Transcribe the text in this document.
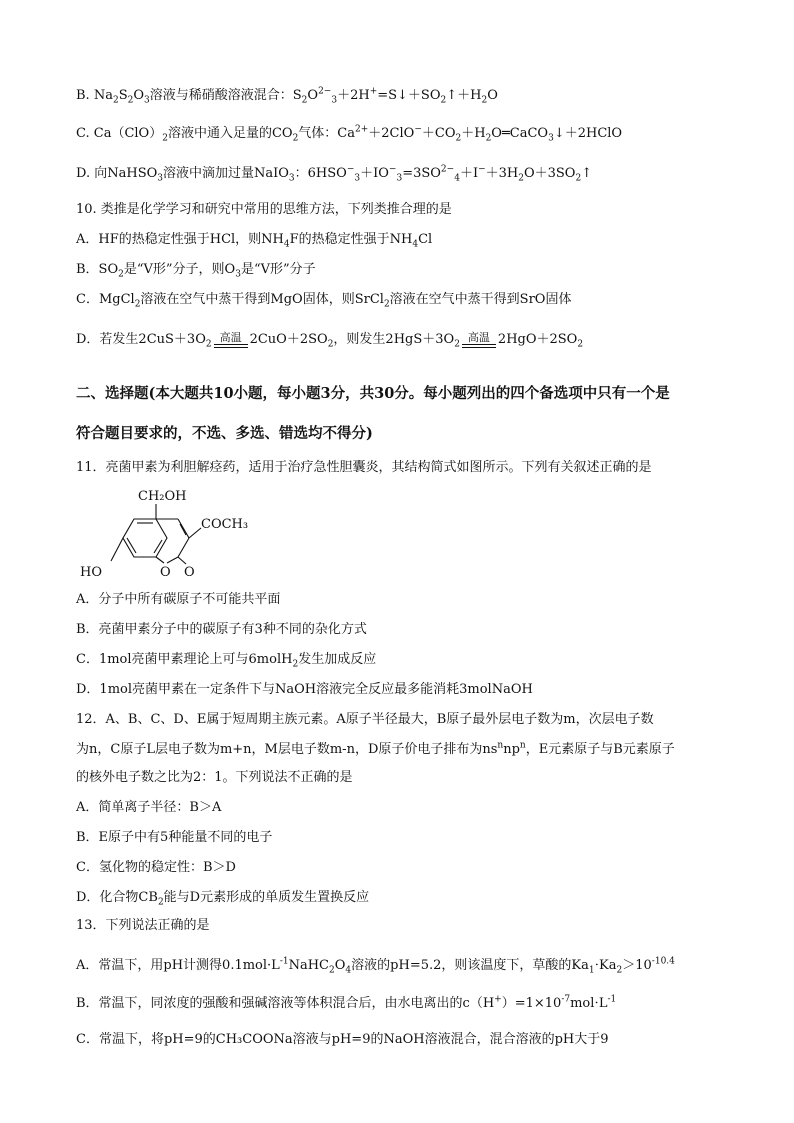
B. $Na_2S_2O_3$溶液与稀硝酸溶液混合：$S_2O^{2-}_3+2H^+=S↓+SO_2↑+H_2O$
C. $Ca(ClO)_2$溶液中通入足量的$CO_2$气体：$Ca^{2+}+2ClO^-+CO_2+H_2O═CaCO_3↓+2HClO$
D. 向NaHSO$_3$溶液中滴加过量NaIO$_3$：$6HSO^-_3+IO^-_3=3SO^{2-}_4+I^-+3H_2O+3SO_2↑$
10. 类推是化学学习和研究中常用的思维方法，下列类推合理的是
A．HF的热稳定性强于HCl，则$NH_4F$的热稳定性强于$NH_4Cl$
B．$SO_2$是“V形”分子，则$O_3$是“V形”分子
C．MgCl$_2$溶液在空气中蒸干得到MgO固体，则SrCl$_2$溶液在空气中蒸干得到SrO固体
D．若发生$2CuS+3O_2$
高温 $2CuO+2SO_2$，则发生$2HgS+3O_2$
高温 $2HgO+2SO_2$
二、选择题(本大题共10小题，每小题3分，共30分。每小题列出的四个备选项中只有一个是
符合题目要求的，不选、多选、错选均不得分)
11．亮菌甲素为利胆解痉药，适用于治疗急性胆囊炎，其结构简式如图所示。下列有关叙述正确的是
CH₂OH
COCH₃
HO	O O
A．分子中所有碳原子不可能共平面
B．亮菌甲素分子中的碳原子有3种不同的杂化方式
C．1mol亮菌甲素理论上可与6molH$_2$发生加成反应
D．1mol亮菌甲素在一定条件下与NaOH溶液完全反应最多能消耗3molNaOH
12．A、B、C、D、E属于短周期主族元素。A原子半径最大，B原子最外层电子数为m，次层电子数
为n，C原子L层电子数为m+n，M层电子数m-n，D原子价电子排布为$ns^nnp^n$，E元素原子与B元素原子
的核外电子数之比为2：1。下列说法不正确的是
A．简单离子半径：B＞A
B．E原子中有5种能量不同的电子
C．氢化物的稳定性：B＞D
D．化合物$CB_2$能与D元素形成的单质发生置换反应
13．下列说法正确的是
A．常温下，用pH计测得$0.1mol\cdot L^{-1}NaHC_2O_4$溶液的pH=5.2，则该温度下，草酸的$Ka_1\cdot Ka_2>10^{-10.4}$
B．常温下，同浓度的强酸和强碱溶液等体积混合后，由水电离出的$c(H^+)=1\times 10^{-7}mol\cdot L^{-1}$
C．常温下，将pH=9的CH₃COONa溶液与pH=9的NaOH溶液混合，混合溶液的pH大于9
